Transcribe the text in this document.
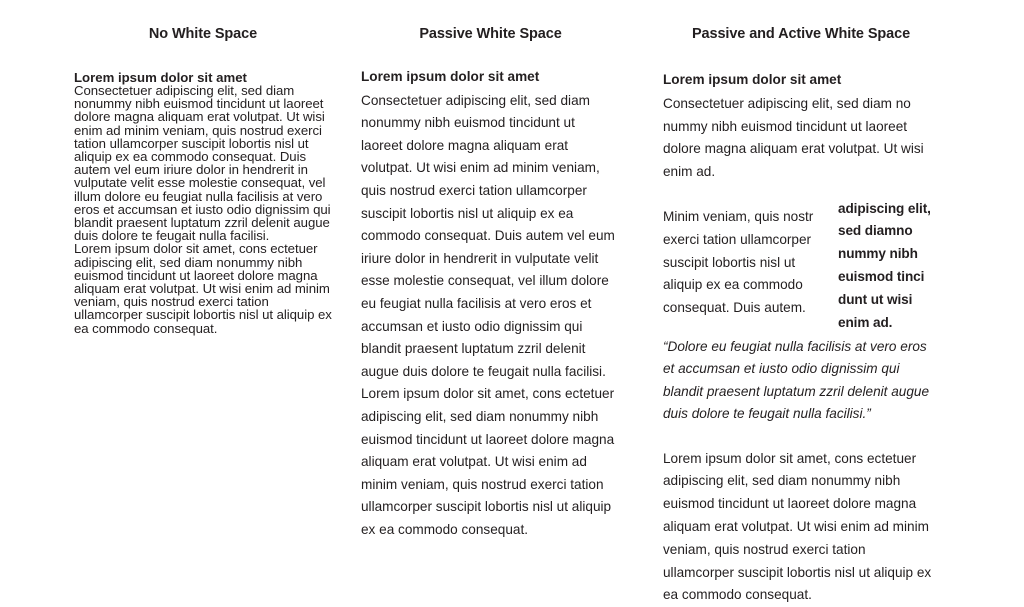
No White Space

Lorem ipsum dolor sit amet

Consectetuer adipiscing elit, sed diam nonummy nibh euismod tincidunt ut laoreet dolore magna aliquam erat volutpat. Ut wisi enim ad minim veniam, quis nostrud exerci tation ullamcorper suscipit lobortis nisl ut aliquip ex ea commodo consequat. Duis autem vel eum iriure dolor in hendrerit in vulputate velit esse molestie consequat, vel illum dolore eu feugiat nulla facilisis at vero eros et accumsan et iusto odio dignissim qui blandit praesent luptatum zzril delenit augue duis dolore te feugait nulla facilisi.

Lorem ipsum dolor sit amet, cons ectetuer adipiscing elit, sed diam nonummy nibh euismod tincidunt ut laoreet dolore magna aliquam erat volutpat. Ut wisi enim ad minim veniam, quis nostrud exerci tation ullamcorper suscipit lobortis nisl ut aliquip ex ea commodo consequat.

Passive White Space

Lorem ipsum dolor sit amet

Consectetuer adipiscing elit, sed diam nonummy nibh euismod tincidunt ut laoreet dolore magna aliquam erat volutpat. Ut wisi enim ad minim veniam, quis nostrud exerci tation ullamcorper suscipit lobortis nisl ut aliquip ex ea commodo consequat. Duis autem vel eum iriure dolor in hendrerit in vulputate velit esse molestie consequat, vel illum dolore eu feugiat nulla facilisis at vero eros et accumsan et iusto odio dignissim qui blandit praesent luptatum zzril delenit augue duis dolore te feugait nulla facilisi.

Lorem ipsum dolor sit amet, cons ectetuer adipiscing elit, sed diam nonummy nibh euismod tincidunt ut laoreet dolore magna aliquam erat volutpat. Ut wisi enim ad minim veniam, quis nostrud exerci tation ullamcorper suscipit lobortis nisl ut aliquip ex ea commodo consequat.

Passive and Active White Space

Lorem ipsum dolor sit amet

Consectetuer adipiscing elit, sed diam no nummy nibh euismod tincidunt ut laoreet dolore magna aliquam erat volutpat. Ut wisi enim ad.

Minim veniam, quis nostr exerci tation ullamcorper suscipit lobortis nisl ut aliquip ex ea commodo consequat. Duis autem.

adipiscing elit, sed diamno nummy nibh euismod tinci dunt ut wisi enim ad.

“Dolore eu feugiat nulla facilisis at vero eros et accumsan et iusto odio dignissim qui blandit praesent luptatum zzril delenit augue duis dolore te feugait nulla facilisi.”

Lorem ipsum dolor sit amet, cons ectetuer adipiscing elit, sed diam nonummy nibh euismod tincidunt ut laoreet dolore magna aliquam erat volutpat. Ut wisi enim ad minim veniam, quis nostrud exerci tation ullamcorper suscipit lobortis nisl ut aliquip ex ea commodo consequat.
